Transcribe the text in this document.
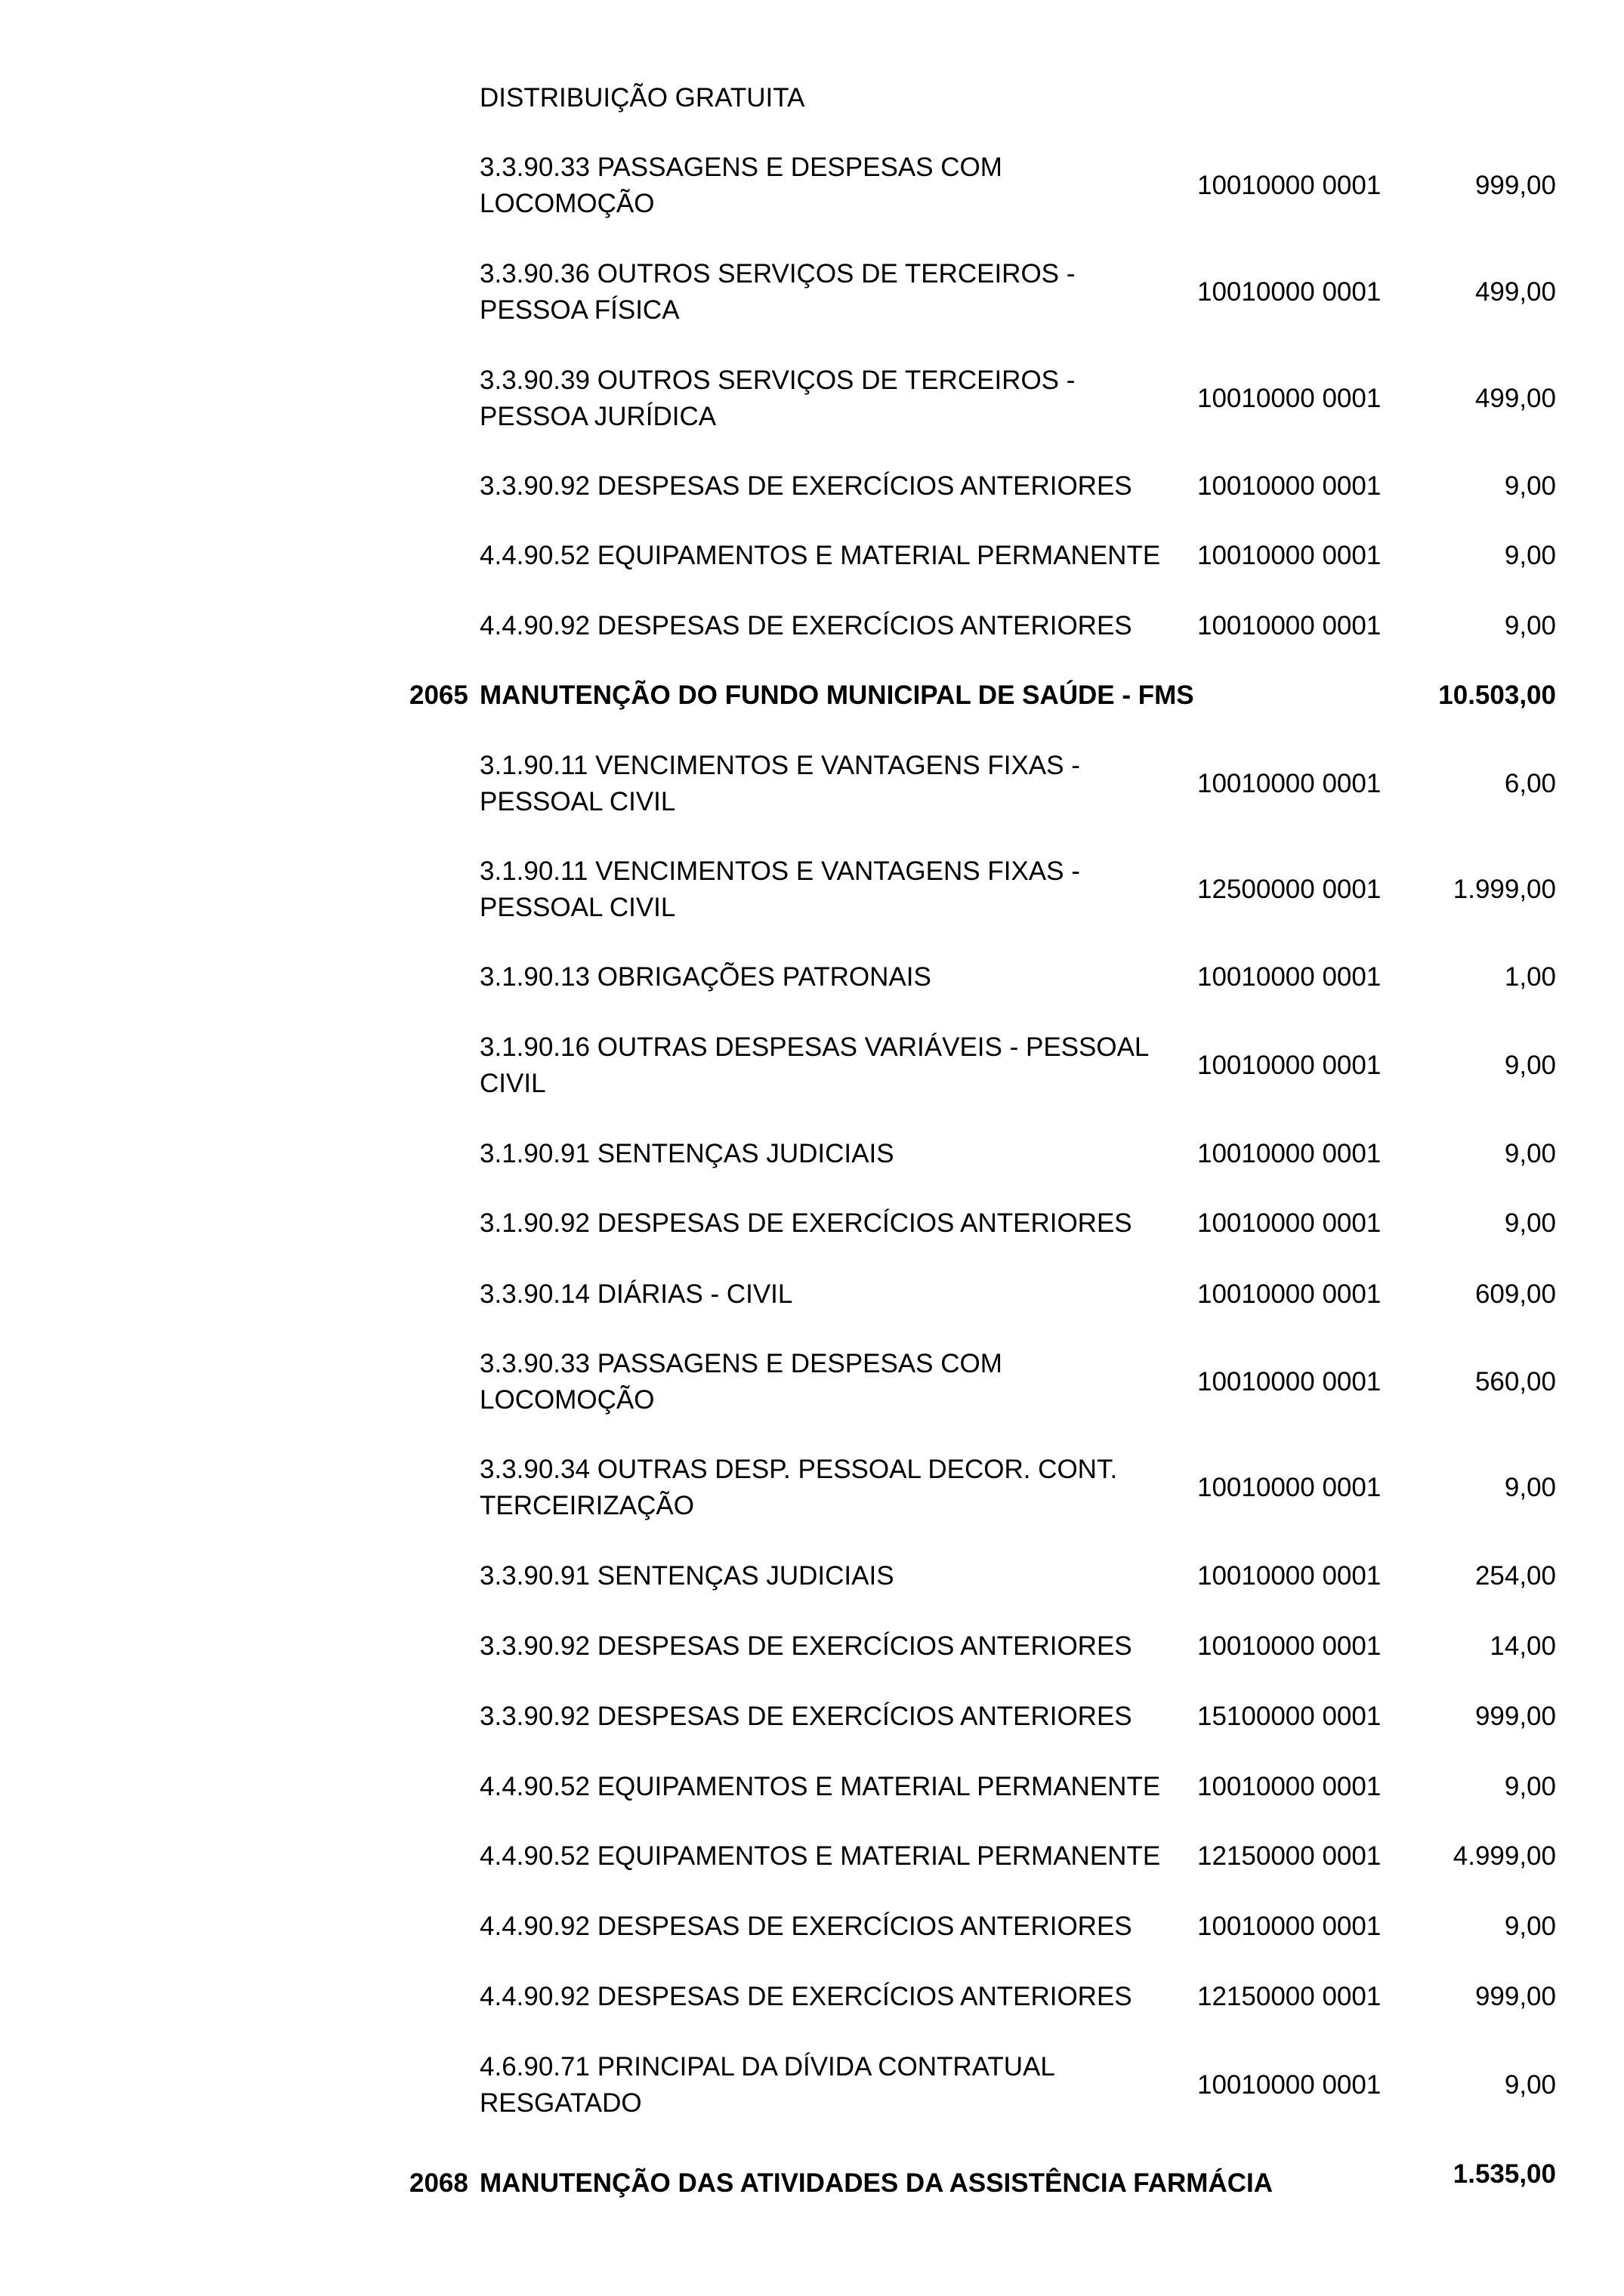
DISTRIBUIÇÃO GRATUITA
3.3.90.33 PASSAGENS E DESPESAS COM
LOCOMOÇÃO
10010000 0001	999,00
3.3.90.36 OUTROS SERVIÇOS DE TERCEIROS -
PESSOA FÍSICA
10010000 0001	499,00
3.3.90.39 OUTROS SERVIÇOS DE TERCEIROS -
PESSOA JURÍDICA
10010000 0001	499,00
3.3.90.92 DESPESAS DE EXERCÍCIOS ANTERIORES	10010000 0001	9,00
4.4.90.52 EQUIPAMENTOS E MATERIAL PERMANENTE	10010000 0001	9,00
4.4.90.92 DESPESAS DE EXERCÍCIOS ANTERIORES	10010000 0001	9,00
2065 MANUTENÇÃO DO FUNDO MUNICIPAL DE SAÚDE - FMS	10.503,00
3.1.90.11 VENCIMENTOS E VANTAGENS FIXAS -
PESSOAL CIVIL
10010000 0001	6,00
3.1.90.11 VENCIMENTOS E VANTAGENS FIXAS -
PESSOAL CIVIL
12500000 0001	1.999,00
3.1.90.13 OBRIGAÇÕES PATRONAIS	10010000 0001	1,00
3.1.90.16 OUTRAS DESPESAS VARIÁVEIS - PESSOAL
CIVIL
10010000 0001	9,00
3.1.90.91 SENTENÇAS JUDICIAIS	10010000 0001	9,00
3.1.90.92 DESPESAS DE EXERCÍCIOS ANTERIORES	10010000 0001	9,00
3.3.90.14 DIÁRIAS - CIVIL	10010000 0001	609,00
3.3.90.33 PASSAGENS E DESPESAS COM
LOCOMOÇÃO
10010000 0001	560,00
3.3.90.34 OUTRAS DESP. PESSOAL DECOR. CONT.
TERCEIRIZAÇÃO
10010000 0001	9,00
3.3.90.91 SENTENÇAS JUDICIAIS	10010000 0001	254,00
3.3.90.92 DESPESAS DE EXERCÍCIOS ANTERIORES	10010000 0001	14,00
3.3.90.92 DESPESAS DE EXERCÍCIOS ANTERIORES	15100000 0001	999,00
4.4.90.52 EQUIPAMENTOS E MATERIAL PERMANENTE	10010000 0001	9,00
4.4.90.52 EQUIPAMENTOS E MATERIAL PERMANENTE	12150000 0001	4.999,00
4.4.90.92 DESPESAS DE EXERCÍCIOS ANTERIORES	10010000 0001	9,00
4.4.90.92 DESPESAS DE EXERCÍCIOS ANTERIORES	12150000 0001	999,00
4.6.90.71 PRINCIPAL DA DÍVIDA CONTRATUAL
RESGATADO
10010000 0001	9,00
2068 MANUTENÇÃO DAS ATIVIDADES DA ASSISTÊNCIA FARMÁCIA	1.535,00
